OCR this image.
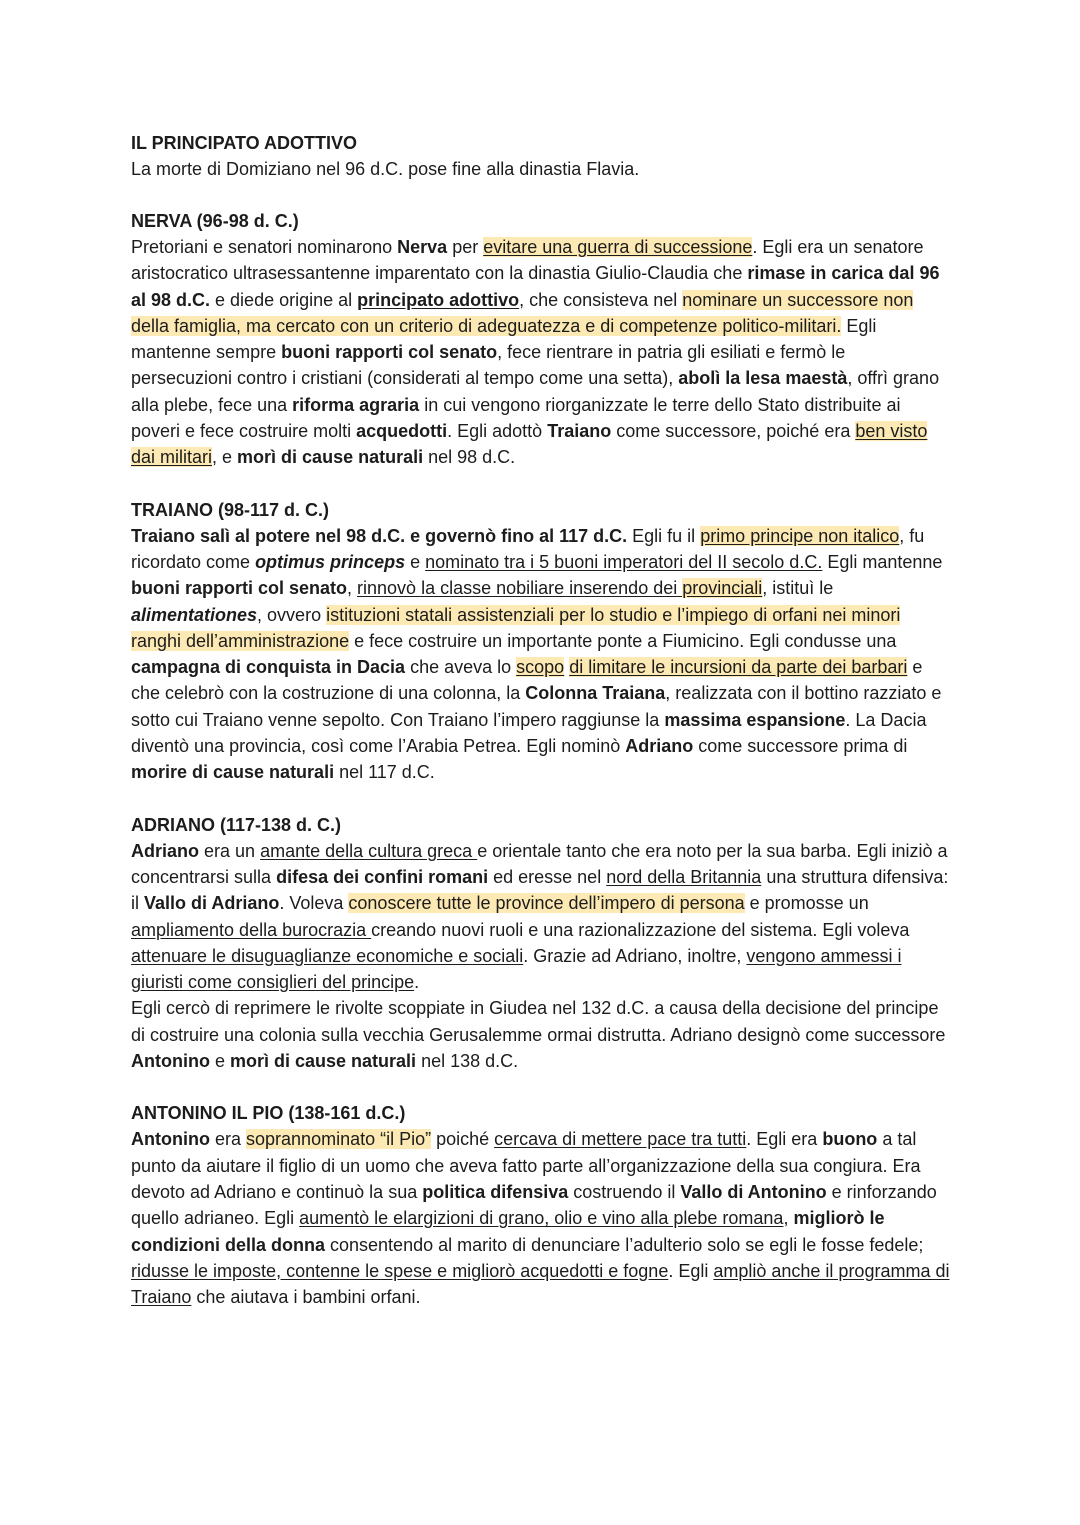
IL PRINCIPATO ADOTTIVO

La morte di Domiziano nel 96 d.C. pose fine alla dinastia Flavia.

NERVA (96-98 d. C.)

Pretoriani e senatori nominarono Nerva per evitare una guerra di successione. Egli era un senatore aristocratico ultrasessantenne imparentato con la dinastia Giulio-Claudia che rimase in carica dal 96 al 98 d.C. e diede origine al principato adottivo, che consisteva nel nominare un successore non della famiglia, ma cercato con un criterio di adeguatezza e di competenze politico-militari. Egli mantenne sempre buoni rapporti col senato, fece rientrare in patria gli esiliati e fermò le persecuzioni contro i cristiani (considerati al tempo come una setta), abolì la lesa maestà, offrì grano alla plebe, fece una riforma agraria in cui vengono riorganizzate le terre dello Stato distribuite ai poveri e fece costruire molti acquedotti. Egli adottò Traiano come successore, poiché era ben visto dai militari, e morì di cause naturali nel 98 d.C.

TRAIANO (98-117 d. C.)

Traiano salì al potere nel 98 d.C. e governò fino al 117 d.C. Egli fu il primo principe non italico, fu ricordato come optimus princeps e nominato tra i 5 buoni imperatori del II secolo d.C. Egli mantenne buoni rapporti col senato, rinnovò la classe nobiliare inserendo dei provinciali, istituì le alimentationes, ovvero istituzioni statali assistenziali per lo studio e l’impiego di orfani nei minori ranghi dell’amministrazione e fece costruire un importante ponte a Fiumicino. Egli condusse una campagna di conquista in Dacia che aveva lo scopo di limitare le incursioni da parte dei barbari e che celebrò con la costruzione di una colonna, la Colonna Traiana, realizzata con il bottino razziato e sotto cui Traiano venne sepolto. Con Traiano l’impero raggiunse la massima espansione. La Dacia diventò una provincia, così come l’Arabia Petrea. Egli nominò Adriano come successore prima di morire di cause naturali nel 117 d.C.

ADRIANO (117-138 d. C.)

Adriano era un amante della cultura greca e orientale tanto che era noto per la sua barba. Egli iniziò a concentrarsi sulla difesa dei confini romani ed eresse nel nord della Britannia una struttura difensiva: il Vallo di Adriano. Voleva conoscere tutte le province dell’impero di persona e promosse un ampliamento della burocrazia creando nuovi ruoli e una razionalizzazione del sistema. Egli voleva attenuare le disuguaglianze economiche e sociali. Grazie ad Adriano, inoltre, vengono ammessi i giuristi come consiglieri del principe.
Egli cercò di reprimere le rivolte scoppiate in Giudea nel 132 d.C. a causa della decisione del principe di costruire una colonia sulla vecchia Gerusalemme ormai distrutta. Adriano designò come successore Antonino e morì di cause naturali nel 138 d.C.

ANTONINO IL PIO (138-161 d.C.)

Antonino era soprannominato “il Pio” poiché cercava di mettere pace tra tutti. Egli era buono a tal punto da aiutare il figlio di un uomo che aveva fatto parte all’organizzazione della sua congiura. Era devoto ad Adriano e continuò la sua politica difensiva costruendo il Vallo di Antonino e rinforzando quello adrianeo. Egli aumentò le elargizioni di grano, olio e vino alla plebe romana, migliorò le condizioni della donna consentendo al marito di denunciare l’adulterio solo se egli le fosse fedele; ridusse le imposte, contenne le spese e migliorò acquedotti e fogne. Egli ampliò anche il programma di Traiano che aiutava i bambini orfani.
